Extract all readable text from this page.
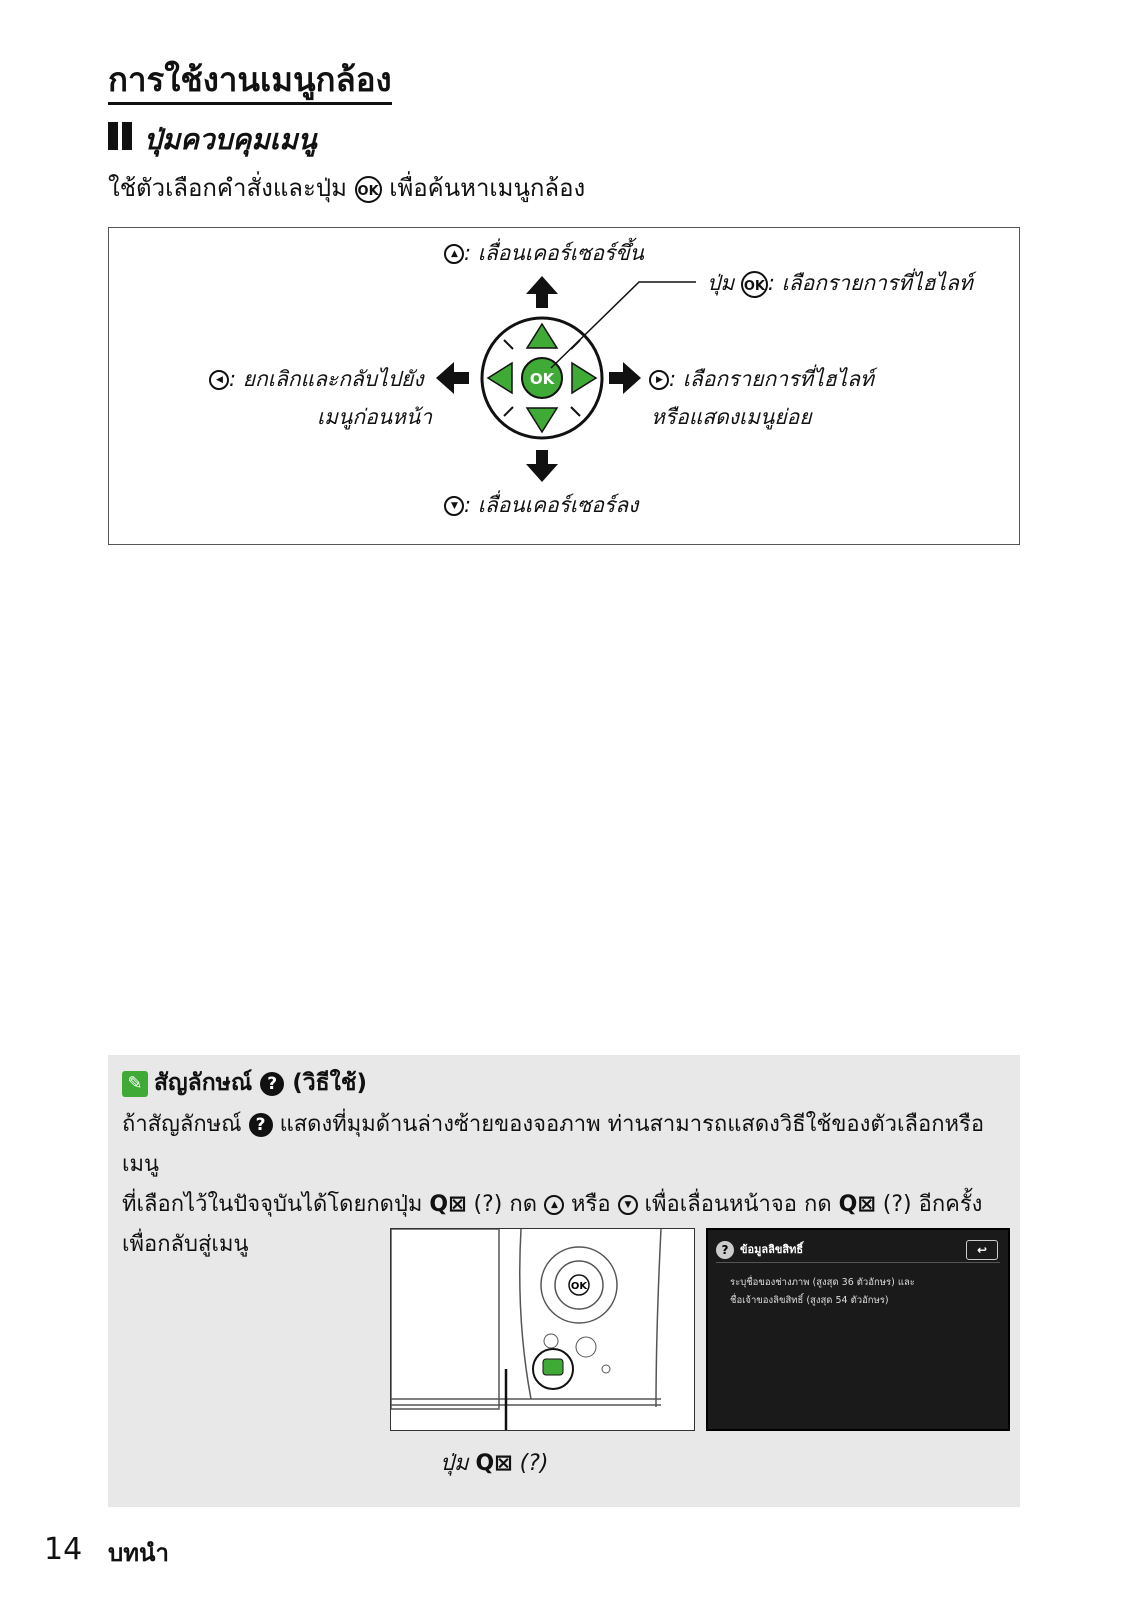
การใช้งานเมนูกล้อง
ปุ่มควบคุมเมนู
ใช้ตัวเลือกคำสั่งและปุ่ม OK เพื่อค้นหาเมนูกล้อง
OK
▲ : เลื่อนเคอร์เซอร์ขึ้น
ปุ่ม OK : เลือกรายการที่ไฮไลท์
◀ : ยกเลิกและกลับไปยัง
เมนูก่อนหน้า
▶ : เลือกรายการที่ไฮไลท์
หรือแสดงเมนูย่อย
▼ : เลื่อนเคอร์เซอร์ลง
✎ สัญลักษณ์ ? (วิธีใช้)
ถ้าสัญลักษณ์ ? แสดงที่มุมด้านล่างซ้ายของจอภาพ ท่านสามารถแสดงวิธีใช้ของตัวเลือกหรือเมนู
ที่เลือกไว้ในปัจจุบันได้โดยกดปุ่ม Q⊠ (?) กด ▲ หรือ ▼ เพื่อเลื่อนหน้าจอ กด Q⊠ (?) อีกครั้ง
เพื่อกลับสู่เมนู
OK
? ข้อมูลลิขสิทธิ์	↩
ระบุชื่อของช่างภาพ (สูงสุด 36 ตัวอักษร) และ
ชื่อเจ้าของลิขสิทธิ์ (สูงสุด 54 ตัวอักษร)
ปุ่ม Q⊠ (?)
14 บทนำ
